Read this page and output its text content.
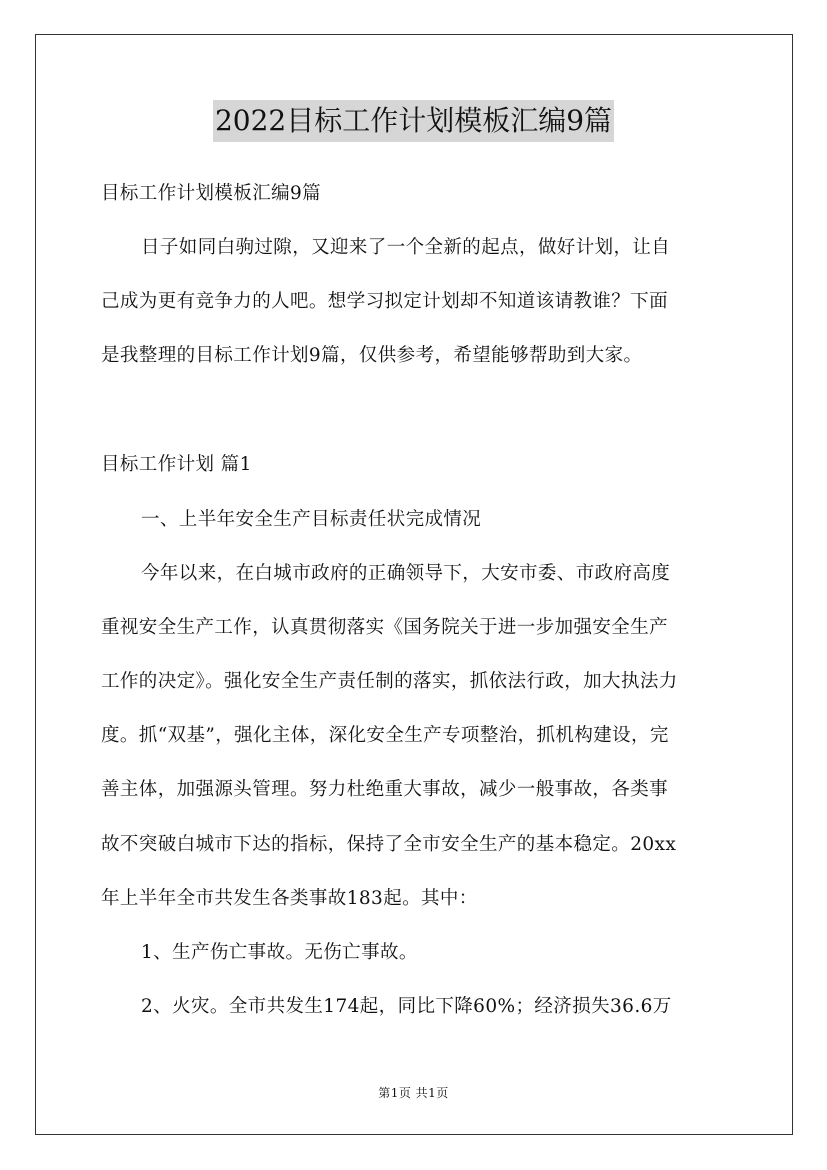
2022目标工作计划模板汇编9篇
目标工作计划模板汇编9篇
日子如同白驹过隙，又迎来了一个全新的起点，做好计划，让自
己成为更有竞争力的人吧。想学习拟定计划却不知道该请教谁？下面
是我整理的目标工作计划9篇，仅供参考，希望能够帮助到大家。
目标工作计划 篇1
一、上半年安全生产目标责任状完成情况
今年以来，在白城市政府的正确领导下，大安市委、市政府高度
重视安全生产工作，认真贯彻落实《国务院关于进一步加强安全生产
工作的决定》。强化安全生产责任制的落实，抓依法行政，加大执法力
度。抓“双基”，强化主体，深化安全生产专项整治，抓机构建设，完
善主体，加强源头管理。努力杜绝重大事故，减少一般事故，各类事
故不突破白城市下达的指标，保持了全市安全生产的基本稳定。20xx
年上半年全市共发生各类事故183起。其中：
1、生产伤亡事故。无伤亡事故。
2、火灾。全市共发生174起，同比下降60%；经济损失36.6万
第1页 共1页
